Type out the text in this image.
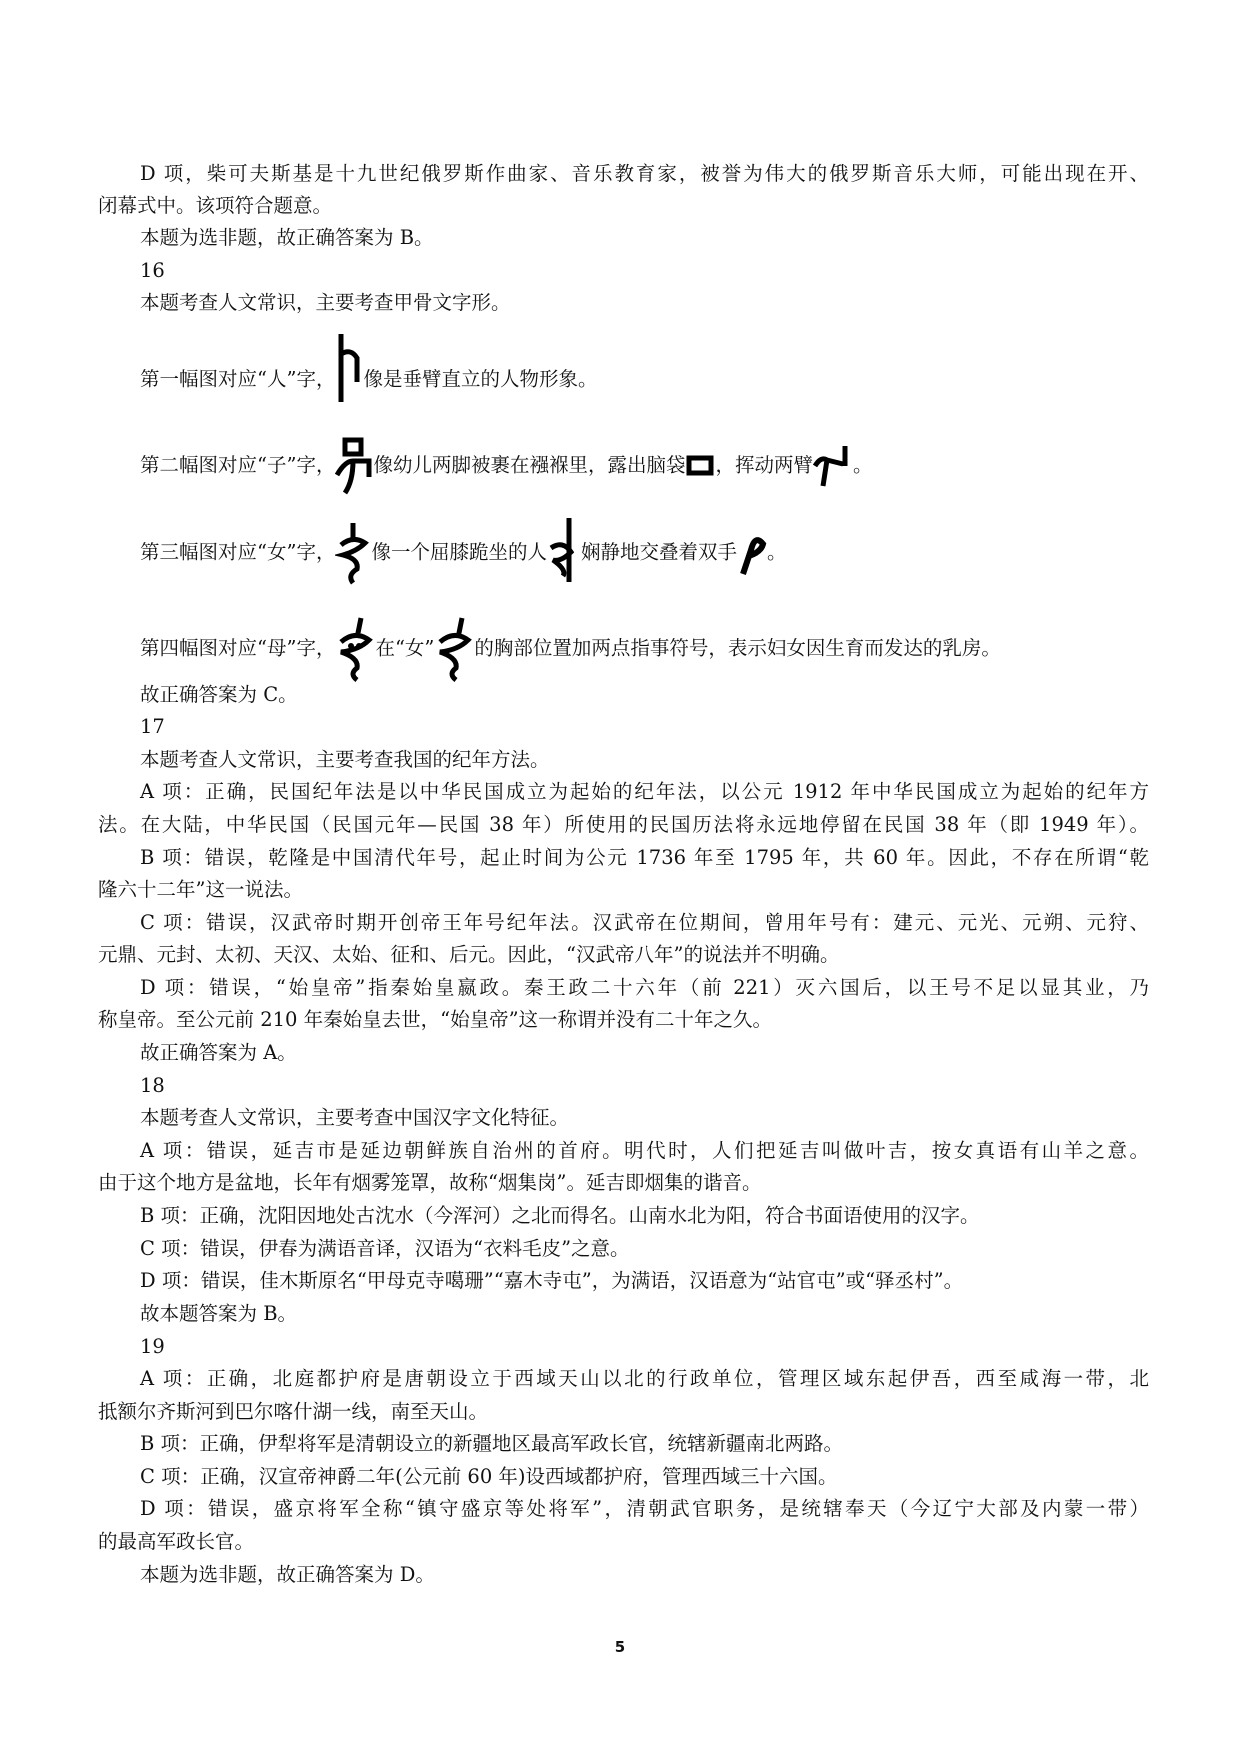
D 项，柴可夫斯基是十九世纪俄罗斯作曲家、音乐教育家，被誉为伟大的俄罗斯音乐大师，可能出现在开、
闭幕式中。该项符合题意。
本题为选非题，故正确答案为 B。
16
本题考查人文常识，主要考查甲骨文字形。
第一幅图对应“人”字， 像是垂臂直立的人物形象。
第二幅图对应“子”字， 像幼儿两脚被裹在襁褓里，露出脑袋 ，挥动两臂 。
第三幅图对应“女”字， 像一个屈膝跪坐的人 娴静地交叠着双手 。
第四幅图对应“母”字， 在“女” 的胸部位置加两点指事符号，表示妇女因生育而发达的乳房。
故正确答案为 C。
17
本题考查人文常识，主要考查我国的纪年方法。
A 项：正确，民国纪年法是以中华民国成立为起始的纪年法，以公元 1912 年中华民国成立为起始的纪年方
法。在大陆，中华民国（民国元年—民国 38 年）所使用的民国历法将永远地停留在民国 38 年（即 1949 年）。
B 项：错误，乾隆是中国清代年号，起止时间为公元 1736 年至 1795 年，共 60 年。因此，不存在所谓“乾
隆六十二年”这一说法。
C 项：错误，汉武帝时期开创帝王年号纪年法。汉武帝在位期间，曾用年号有：建元、元光、元朔、元狩、
元鼎、元封、太初、天汉、太始、征和、后元。因此，“汉武帝八年”的说法并不明确。
D 项：错误，“始皇帝”指秦始皇嬴政。秦王政二十六年（前 221）灭六国后，以王号不足以显其业，乃
称皇帝。至公元前 210 年秦始皇去世，“始皇帝”这一称谓并没有二十年之久。
故正确答案为 A。
18
本题考查人文常识，主要考查中国汉字文化特征。
A 项：错误，延吉市是延边朝鲜族自治州的首府。明代时，人们把延吉叫做叶吉，按女真语有山羊之意。
由于这个地方是盆地，长年有烟雾笼罩，故称“烟集岗”。延吉即烟集的谐音。
B 项：正确，沈阳因地处古沈水（今浑河）之北而得名。山南水北为阳，符合书面语使用的汉字。
C 项：错误，伊春为满语音译，汉语为“衣料毛皮”之意。
D 项：错误，佳木斯原名“甲母克寺噶珊”“嘉木寺屯”，为满语，汉语意为“站官屯”或“驿丞村”。
故本题答案为 B。
19
A 项：正确，北庭都护府是唐朝设立于西域天山以北的行政单位，管理区域东起伊吾，西至咸海一带，北
抵额尔齐斯河到巴尔喀什湖一线，南至天山。
B 项：正确，伊犁将军是清朝设立的新疆地区最高军政长官，统辖新疆南北两路。
C 项：正确，汉宣帝神爵二年(公元前 60 年)设西域都护府，管理西域三十六国。
D 项：错误，盛京将军全称“镇守盛京等处将军”，清朝武官职务，是统辖奉天（今辽宁大部及内蒙一带）
的最高军政长官。
本题为选非题，故正确答案为 D。
5
